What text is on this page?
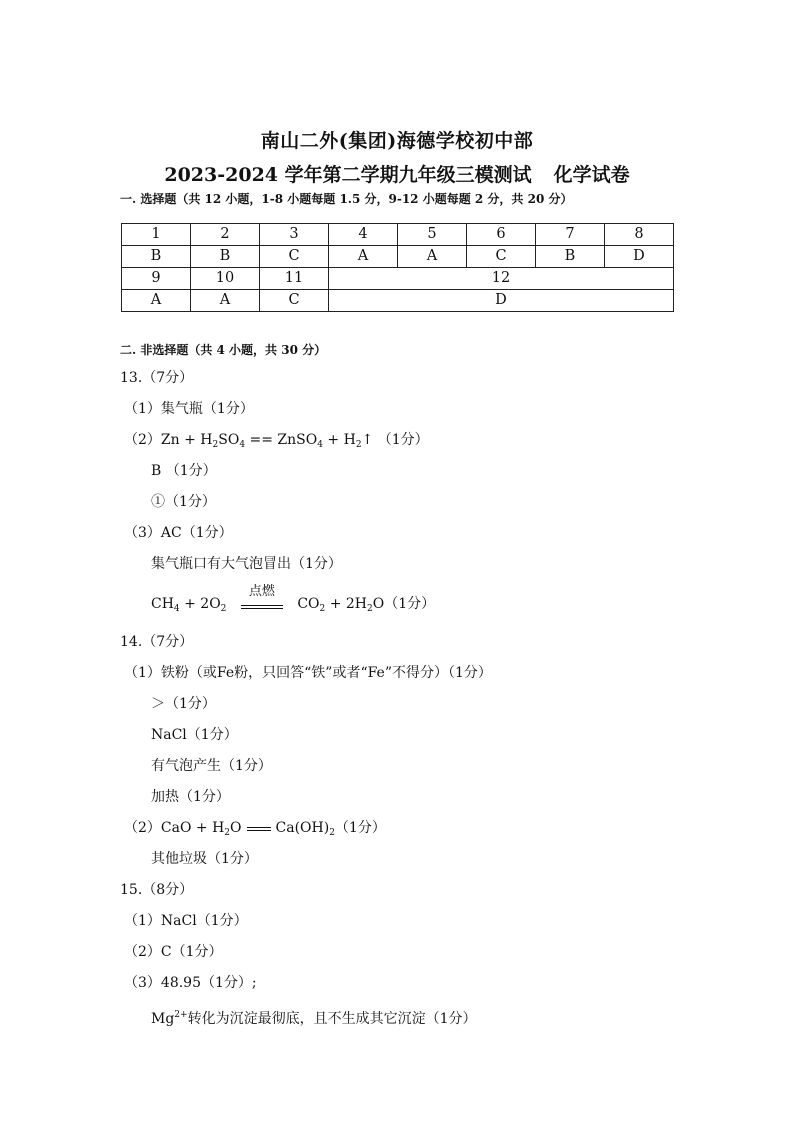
南山二外(集团)海德学校初中部
2023-2024 学年第二学期九年级三模测试 化学试卷
一. 选择题（共 12 小题，1-8 小题每题 1.5 分，9-12 小题每题 2 分，共 20 分）
1	2	3	4	5	6	7	8
B	B	C	A	A	C	B	D
9	10	11	12				
A	A	C	D				
二. 非选择题（共 4 小题，共 30 分）
13.（7分）
（1）集气瓶（1分）
$(2)Zn + H_2SO_4$ == ZnSO$_4$ + $H_2↑$ （1分）
B （1分）
①（1分）
（3）AC（1分）
集气瓶口有大气泡冒出（1分）
$CH_4 + 2O_2$
点燃
$CO_2 + 2H_2O(1$分）
14.（7分）
（1）铁粉（或Fe粉，只回答“铁”或者“Fe”不得分）（1分）
＞（1分）
NaCl（1分）
有气泡产生（1分）
加热（1分）
$(2)CaO + H_2O$ $Ca(OH)_2(1$分）
其他垃圾（1分）
15.（8分）
（1）NaCl（1分）
（2）C（1分）
（3）48.95（1分）;
$Mg^{2+}$转化为沉淀最彻底，且不生成其它沉淀（1分）
